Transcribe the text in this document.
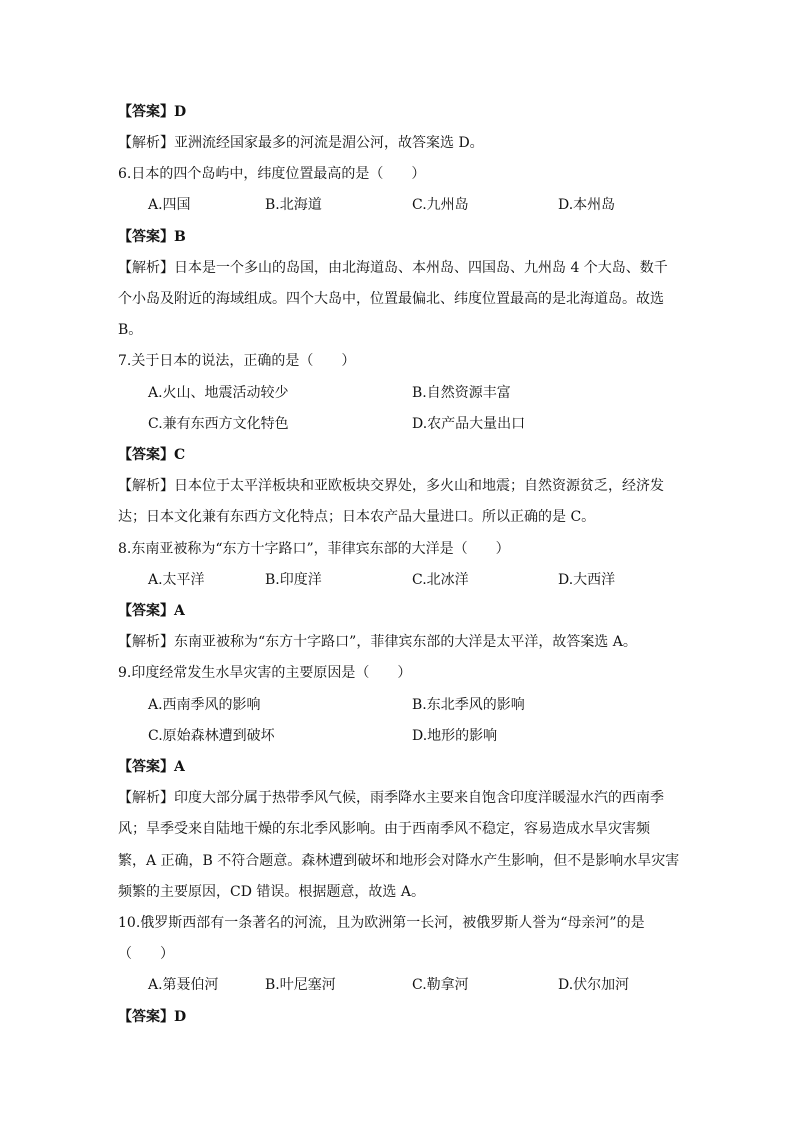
【答案】D
【解析】亚洲流经国家最多的河流是湄公河，故答案选 D。
6.日本的四个岛屿中，纬度位置最高的是（　　）
A.四国	B.北海道	C.九州岛	D.本州岛
【答案】B
【解析】日本是一个多山的岛国，由北海道岛、本州岛、四国岛、九州岛 4 个大岛、数千
个小岛及附近的海域组成。四个大岛中，位置最偏北、纬度位置最高的是北海道岛。故选
B。
7.关于日本的说法，正确的是（　　）
A.火山、地震活动较少	B.自然资源丰富
C.兼有东西方文化特色	D.农产品大量出口
【答案】C
【解析】日本位于太平洋板块和亚欧板块交界处，多火山和地震；自然资源贫乏，经济发
达；日本文化兼有东西方文化特点；日本农产品大量进口。所以正确的是 C。
8.东南亚被称为“东方十字路口”，菲律宾东部的大洋是（　　）
A.太平洋	B.印度洋	C.北冰洋	D.大西洋
【答案】A
【解析】东南亚被称为“东方十字路口”，菲律宾东部的大洋是太平洋，故答案选 A。
9.印度经常发生水旱灾害的主要原因是（　　）
A.西南季风的影响	B.东北季风的影响
C.原始森林遭到破坏	D.地形的影响
【答案】A
【解析】印度大部分属于热带季风气候，雨季降水主要来自饱含印度洋暖湿水汽的西南季
风；旱季受来自陆地干燥的东北季风影响。由于西南季风不稳定，容易造成水旱灾害频
繁，A 正确，B 不符合题意。森林遭到破坏和地形会对降水产生影响，但不是影响水旱灾害
频繁的主要原因，CD 错误。根据题意，故选 A。
10.俄罗斯西部有一条著名的河流，且为欧洲第一长河，被俄罗斯人誉为“母亲河”的是
（　　）
A.第聂伯河	B.叶尼塞河	C.勒拿河	D.伏尔加河
【答案】D
